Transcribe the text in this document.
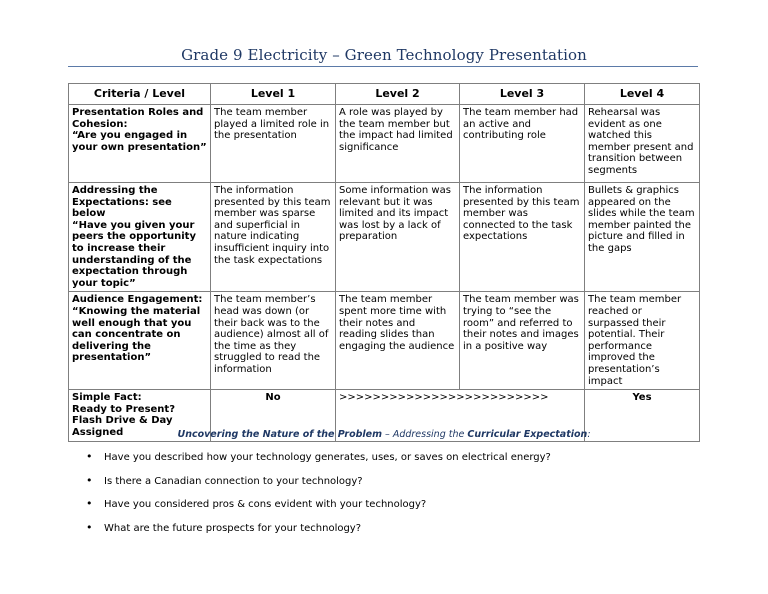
Grade 9 Electricity – Green Technology Presentation
Criteria / Level	Level 1	Level 2	Level 3	Level 4
Presentation Roles and Cohesion:
“Are you engaged in your own presentation”	The team member played a limited role in the presentation	A role was played by the team member but the impact had limited significance	The team member had an active and contributing role	Rehearsal was evident as one watched this member present and transition between segments
Addressing the Expectations: see below
“Have you given your peers the opportunity to increase their understanding of the expectation through your topic”	The information presented by this team member was sparse and superficial in nature indicating insufficient inquiry into the task expectations	Some information was relevant but it was limited and its impact was lost by a lack of preparation	The information presented by this team member was connected to the task expectations	Bullets & graphics appeared on the slides while the team member painted the picture and filled in the gaps
Audience Engagement:
“Knowing the material well enough that you can concentrate on delivering the presentation”	The team member’s head was down (or their back was to the audience) almost all of the time as they struggled to read the information	The team member spent more time with their notes and reading slides than engaging the audience	The team member was trying to “see the room” and referred to their notes and images in a positive way	The team member reached or surpassed their potential. Their performance improved the presentation’s impact
Simple Fact:
Ready to Present?
Flash Drive & Day Assigned	No	>>>>>>>>>>>>>>>>>>>>>>>>>		Yes
Uncovering the Nature of the Problem – Addressing the Curricular Expectation:
• Have you described how your technology generates, uses, or saves on electrical energy?
• Is there a Canadian connection to your technology?
• Have you considered pros & cons evident with your technology?
• What are the future prospects for your technology?
